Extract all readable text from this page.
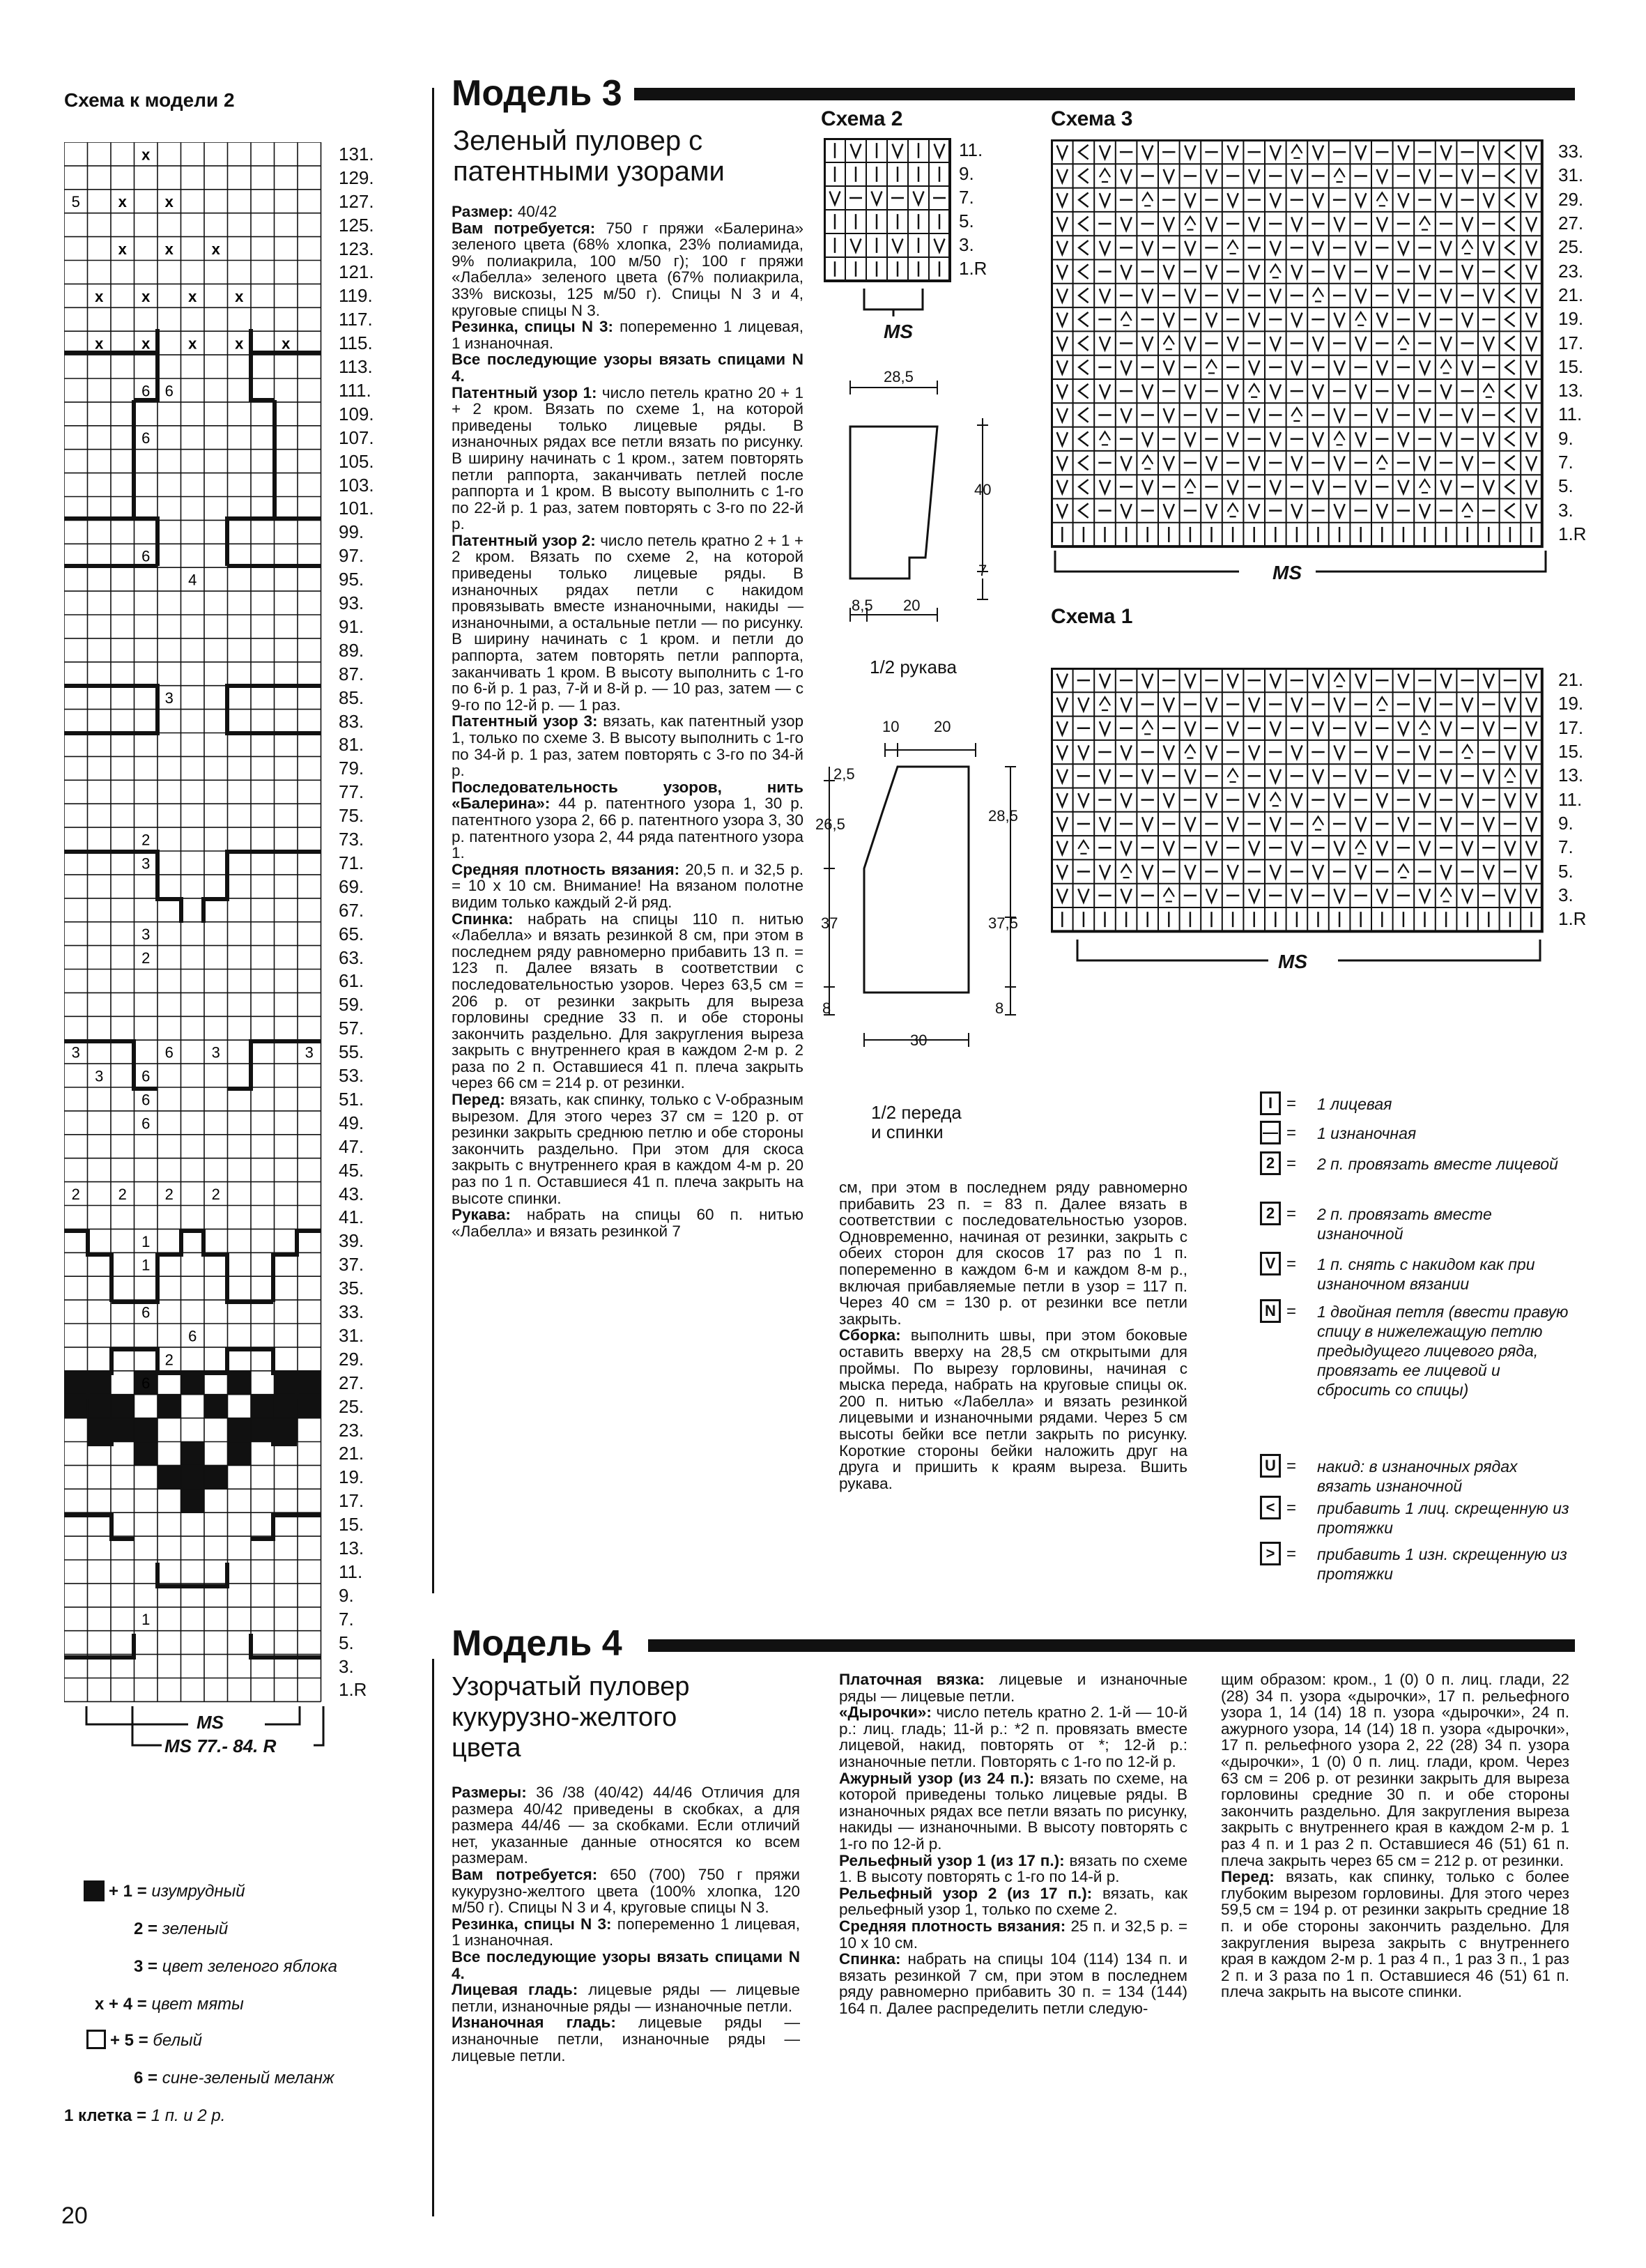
Схема к модели 2
x
x x
x x x
x x x x
x x x x x
5
6 6
6
6
4
3
2
3
3
2
3	6 3	3
3 6
6
6
2 2 2 2
1
1
6
6
2
6
1
131.
129.
127.
125.
123.
121.
119.
117.
115.
113.
111.
109.
107.
105.
103.
101.
99.
97.
95.
93.
91.
89.
87.
85.
83.
81.
79.
77.
75.
73.
71.
69.
67.
65.
63.
61.
59.
57.
55.
53.
51.
49.
47.
45.
43.
41.
39.
37.
35.
33.
31.
29.
27.
25.
23.
21.
19.
17.
15.
13.
11.
9.
7.
5.
3.
1.R
MS
MS 77.- 84. R
+ 1 = изумрудный
2 = зеленый
3 = цвет зеленого яблока
x + 4 = цвет мяты
+ 5 = белый
6 = сине-зеленый меланж
1 клетка = 1 п. и 2 р.
20
Модель 3
Зеленый пуловер с
патентными узорами

Размер: 40/42

Вам потребуется: 750 г пряжи «Балерина» зеленого цвета (68% хлопка, 23% полиамида, 9% полиакрила, 100 м/50 г); 100 г пряжи «Лабелла» зеленого цвета (67% полиакрила, 33% вискозы, 125 м/50 г). Спицы N 3 и 4, круговые спицы N 3.

Резинка, спицы N 3: попеременно 1 лицевая, 1 изнаночная.

Все последующие узоры вязать спицами N 4.

Патентный узор 1: число петель кратно 20 + 1 + 2 кром. Вязать по схеме 1, на которой приведены только лицевые ряды. В изнаночных рядах все петли вязать по рисунку. В ширину начинать с 1 кром., затем повторять петли раппорта, заканчивать петлей после раппорта и 1 кром. В высоту выполнить с 1-го по 22-й р. 1 раз, затем повторять с 3-го по 22-й р.

Патентный узор 2: число петель кратно 2 + 1 + 2 кром. Вязать по схеме 2, на которой приведены только лицевые ряды. В изнаночных рядах петли с накидом провязывать вместе изнаночными, накиды — изнаночными, а остальные петли — по рисунку. В ширину начинать с 1 кром. и петли до раппорта, затем повторять петли раппорта, заканчивать 1 кром. В высоту выполнить с 1-го по 6-й р. 1 раз, 7-й и 8-й р. — 10 раз, затем — с 9-го по 12-й р. — 1 раз.

Патентный узор 3: вязать, как патентный узор 1, только по схеме 3. В высоту выполнить с 1-го по 34-й р. 1 раз, затем повторять с 3-го по 34-й р.

Последовательность узоров, нить «Балерина»: 44 р. патентного узора 1, 30 р. патентного узора 2, 66 р. патентного узора 3, 30 р. патентного узора 2, 44 ряда патентного узора 1.

Средняя плотность вязания: 20,5 п. и 32,5 р. = 10 x 10 см. Внимание! На вязаном полотне видим только каждый 2-й ряд.

Спинка: набрать на спицы 110 п. нитью «Лабелла» и вязать резинкой 8 см, при этом в последнем ряду равномерно прибавить 13 п. = 123 п. Далее вязать в соответствии с последовательностью узоров. Через 63,5 см = 206 р. от резинки закрыть для выреза горловины средние 33 п. и обе стороны закончить раздельно. Для закругления выреза закрыть с внутреннего края в каждом 2-м р. 2 раза по 2 п. Оставшиеся 41 п. плеча закрыть через 66 см = 214 р. от резинки.

Перед: вязать, как спинку, только с V-образным вырезом. Для этого через 37 см = 120 р. от резинки закрыть среднюю петлю и обе стороны закончить раздельно. При этом для скоса закрыть с внутреннего края в каждом 4-м р. 20 раз по 1 п. Оставшиеся 41 п. плеча закрыть на высоте спинки.

Рукава: набрать на спицы 60 п. нитью «Лабелла» и вязать резинкой 7

см, при этом в последнем ряду равномерно прибавить 23 п. = 83 п. Далее вязать в соответствии с последовательностью узоров. Одновременно, начиная от резинки, закрыть с обеих сторон для скосов 17 раз по 1 п. попеременно в каждом 6-м и каждом 8-м р., включая прибавляемые петли в узор = 117 п. Через 40 см = 130 р. от резинки все петли закрыть.

Сборка: выполнить швы, при этом боковые оставить вверху на 28,5 см открытыми для проймы. По вырезу горловины, начиная с мыска переда, набрать на круговые спицы ок. 200 п. нитью «Лабелла» и вязать резинкой лицевыми и изнаночными рядами. Через 5 см высоты бейки все петли закрыть по рисунку. Короткие стороны бейки наложить друг на друга и пришить к краям выреза. Вшить рукава.

Схема 2
11.
9.
7.
5.
3.
1.R
MS
28,5
40
7
8,5 20
1/2 рукава
10 20
2,5
26,5
37
8
28,5
37,5
8
30
1/2 переда
и спинки
Схема 3
33.
31.
29.
27.
25.
23.
21.
19.
17.
15.
13.
11.
9.
7.
5.
3.
1.R
MS
Схема 1
21.
19.
17.
15.
13.
11.
9.
7.
5.
3.
1.R
MS
I = 1 лицевая
— = 1 изнаночная
2 = 2 п. провязать вместе лицевой
2 = 2 п. провязать вместе изнаночной
V = 1 п. снять с накидом как при изнаночном вязании
N = 1 двойная петля (ввести правую спицу в нижележащую петлю предыдущего лицевого ряда, провязать ее лицевой и сбросить со спицы)
U = накид: в изнаночных рядах вязать изнаночной
< = прибавить 1 лиц. скрещенную из протяжки
> = прибавить 1 изн. скрещенную из протяжки
Модель 4
Узорчатый пуловер
кукурузно-желтого
цвета

Размеры: 36 /38 (40/42) 44/46 Отличия для размера 40/42 приведены в скобках, а для размера 44/46 — за скобками. Если отличий нет, указанные данные относятся ко всем размерам.

Вам потребуется: 650 (700) 750 г пряжи кукурузно-желтого цвета (100% хлопка, 120 м/50 г). Спицы N 3 и 4, круговые спицы N 3.

Резинка, спицы N 3: попеременно 1 лицевая, 1 изнаночная.

Все последующие узоры вязать спицами N 4.

Лицевая гладь: лицевые ряды — лицевые петли, изнаночные ряды — изнаночные петли.

Изнаночная гладь: лицевые ряды — изнаночные петли, изнаночные ряды — лицевые петли.

Платочная вязка: лицевые и изнаночные ряды — лицевые петли.

«Дырочки»: число петель кратно 2. 1-й — 10-й р.: лиц. гладь; 11-й р.: *2 п. провязать вместе лицевой, накид, повторять от *; 12-й р.: изнаночные петли. Повторять с 1-го по 12-й р.

Ажурный узор (из 24 п.): вязать по схеме, на которой приведены только лицевые ряды. В изнаночных рядах все петли вязать по рисунку, накиды — изнаночными. В высоту повторять с 1-го по 12-й р.

Рельефный узор 1 (из 17 п.): вязать по схеме 1. В высоту повторять с 1-го по 14-й р.

Рельефный узор 2 (из 17 п.): вязать, как рельефный узор 1, только по схеме 2.

Средняя плотность вязания: 25 п. и 32,5 р. = 10 x 10 см.

Спинка: набрать на спицы 104 (114) 134 п. и вязать резинкой 7 см, при этом в последнем ряду равномерно прибавить 30 п. = 134 (144) 164 п. Далее распределить петли следую-

щим образом: кром., 1 (0) 0 п. лиц. глади, 22 (28) 34 п. узора «дырочки», 17 п. рельефного узора 1, 14 (14) 18 п. узора «дырочки», 24 п. ажурного узора, 14 (14) 18 п. узора «дырочки», 17 п. рельефного узора 2, 22 (28) 34 п. узора «дырочки», 1 (0) 0 п. лиц. глади, кром. Через 63 см = 206 р. от резинки закрыть для выреза горловины средние 30 п. и обе стороны закончить раздельно. Для закругления выреза закрыть с внутреннего края в каждом 2-м р. 1 раз 4 п. и 1 раз 2 п. Оставшиеся 46 (51) 61 п. плеча закрыть через 65 см = 212 р. от резинки.

Перед: вязать, как спинку, только с более глубоким вырезом горловины. Для этого через 59,5 см = 194 р. от резинки закрыть средние 18 п. и обе стороны закончить раздельно. Для закругления выреза закрыть с внутреннего края в каждом 2-м р. 1 раз 4 п., 1 раз 3 п., 1 раз 2 п. и 3 раза по 1 п. Оставшиеся 46 (51) 61 п. плеча закрыть на высоте спинки.
